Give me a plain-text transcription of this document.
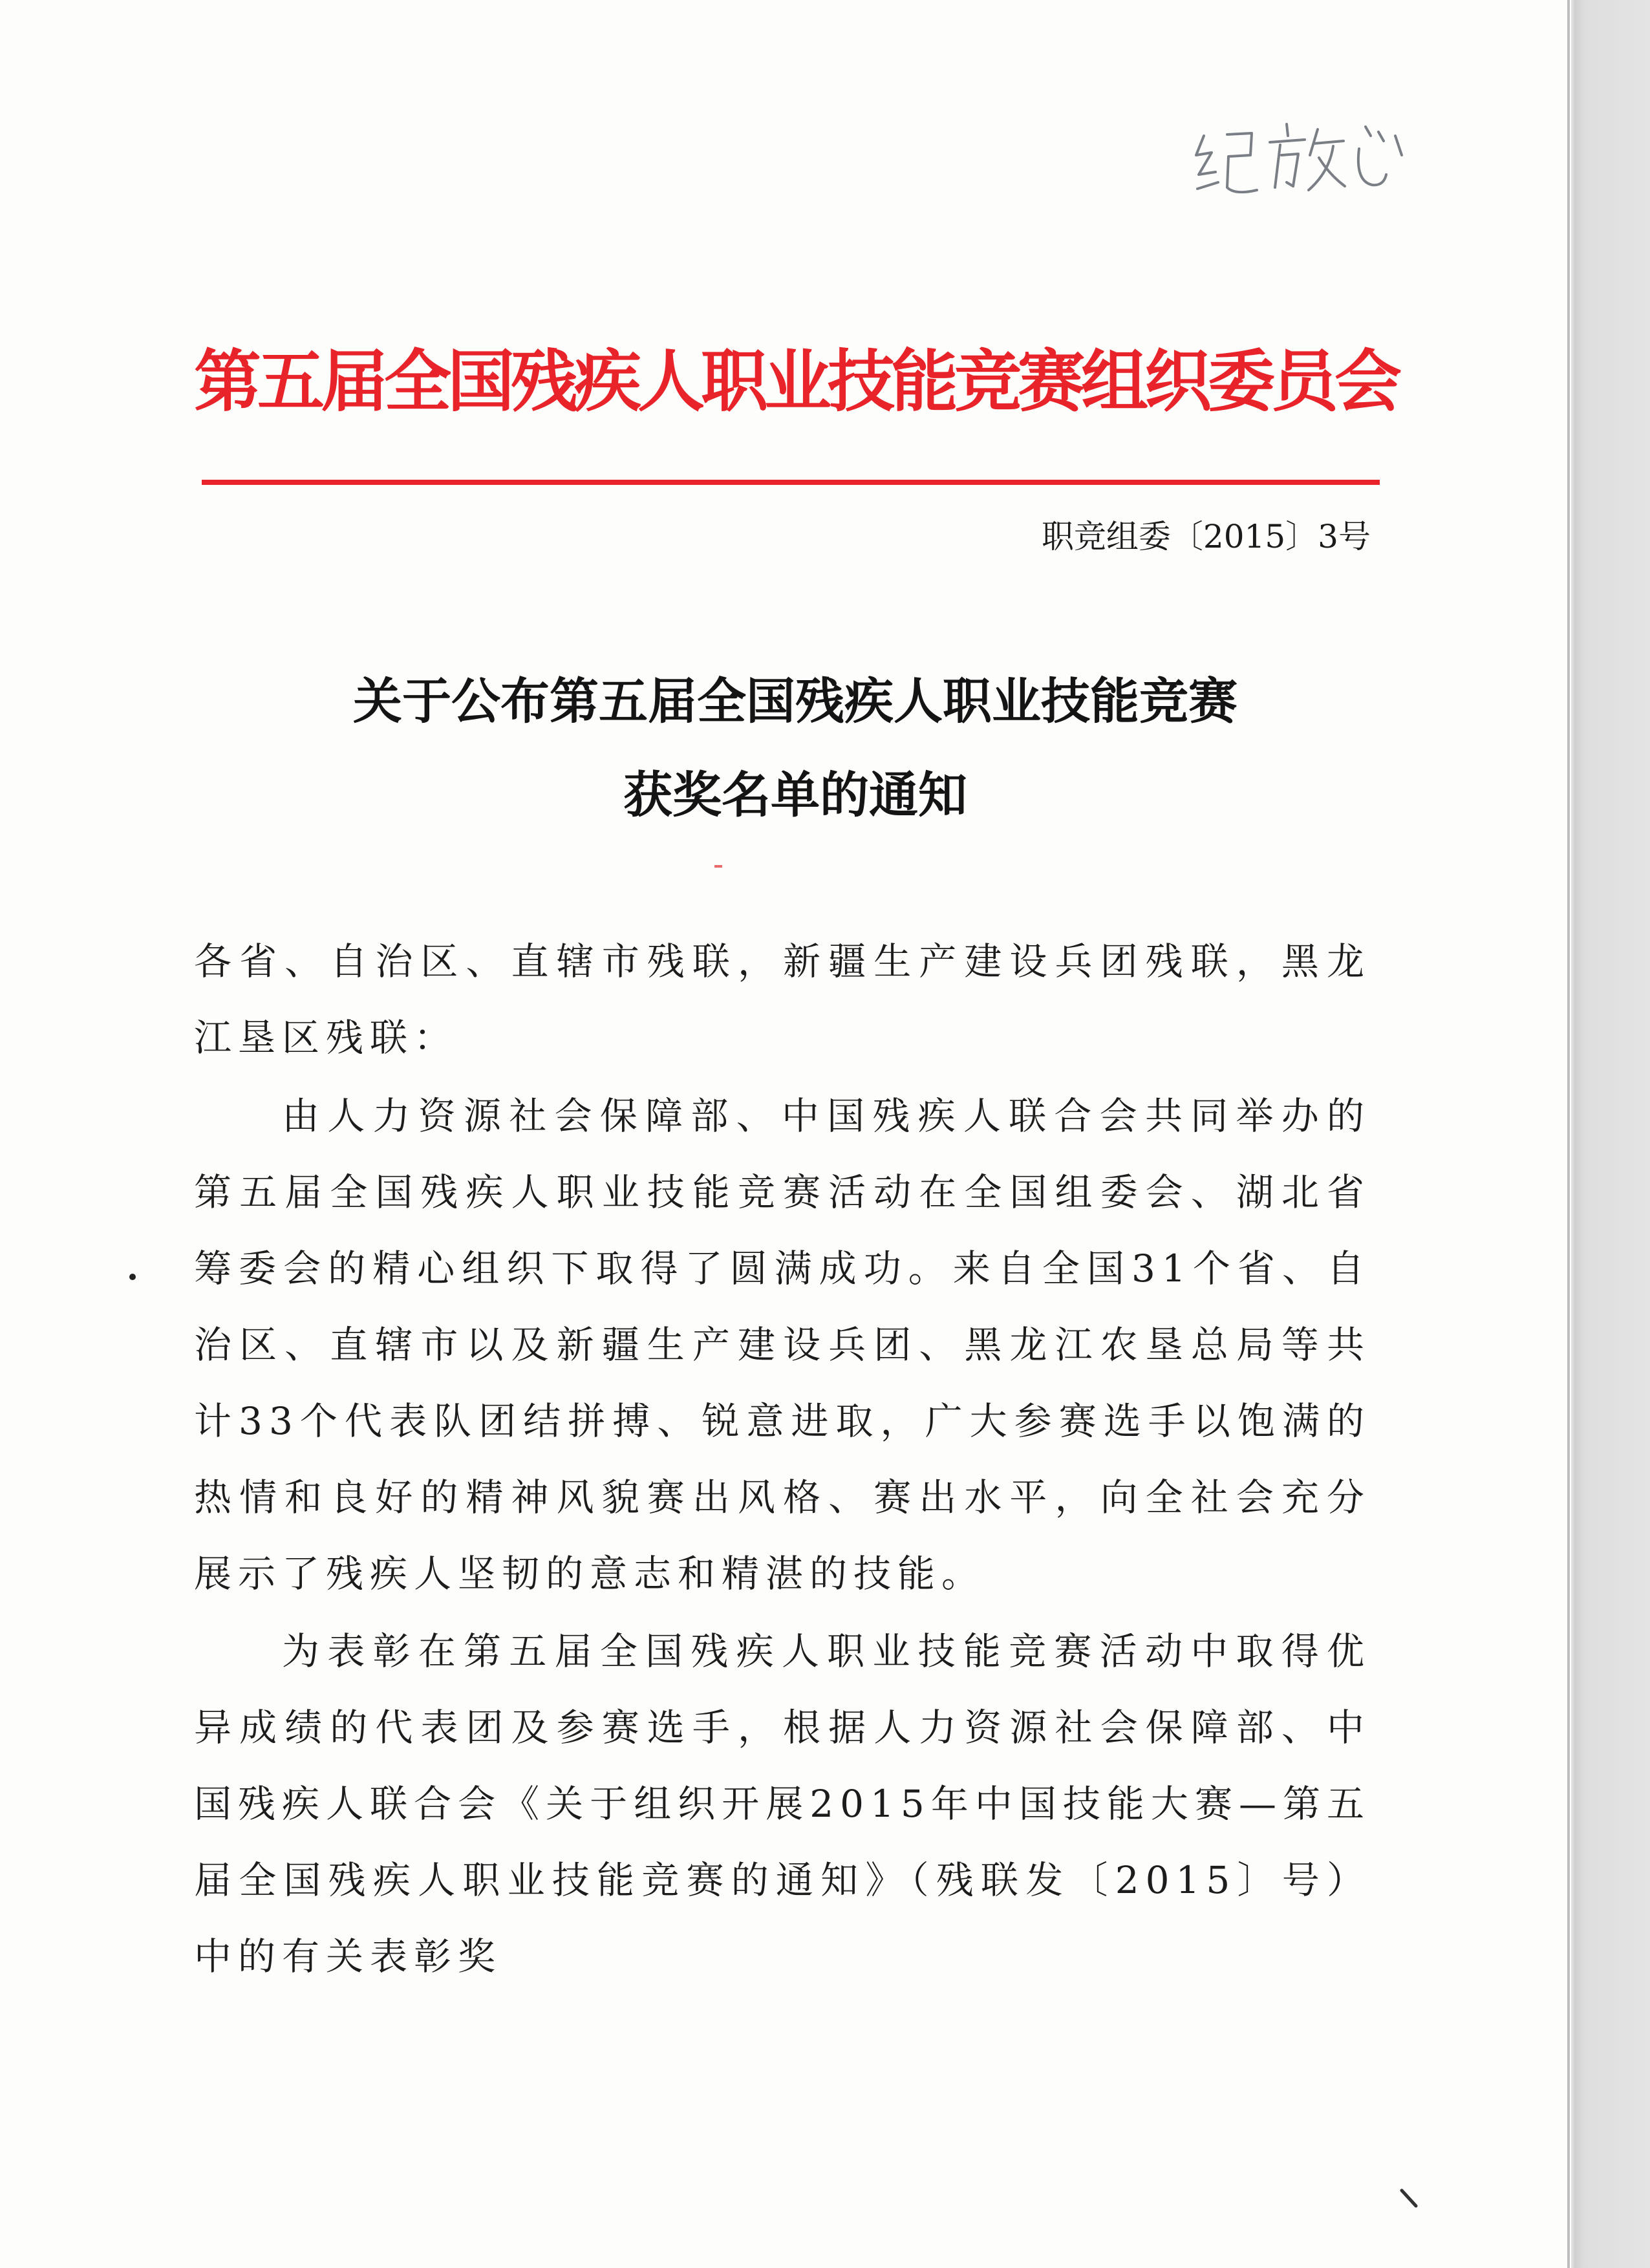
第五届全国残疾人职业技能竞赛组织委员会
职竞组委〔2015〕3号
关于公布第五届全国残疾人职业技能竞赛
获奖名单的通知

各省、自治区、直辖市残联，新疆生产建设兵团残联，黑龙江垦区残联：

由人力资源社会保障部、中国残疾人联合会共同举办的第五届全国残疾人职业技能竞赛活动在全国组委会、湖北省筹委会的精心组织下取得了圆满成功。来自全国31个省、自治区、直辖市以及新疆生产建设兵团、黑龙江农垦总局等共计33个代表队团结拼搏、锐意进取，广大参赛选手以饱满的热情和良好的精神风貌赛出风格、赛出水平，向全社会充分展示了残疾人坚韧的意志和精湛的技能。

为表彰在第五届全国残疾人职业技能竞赛活动中取得优异成绩的代表团及参赛选手，根据人力资源社会保障部、中国残疾人联合会《关于组织开展2015年中国技能大赛—第五届全国残疾人职业技能竞赛的通知》（残联发〔2015〕号）中的有关表彰奖
